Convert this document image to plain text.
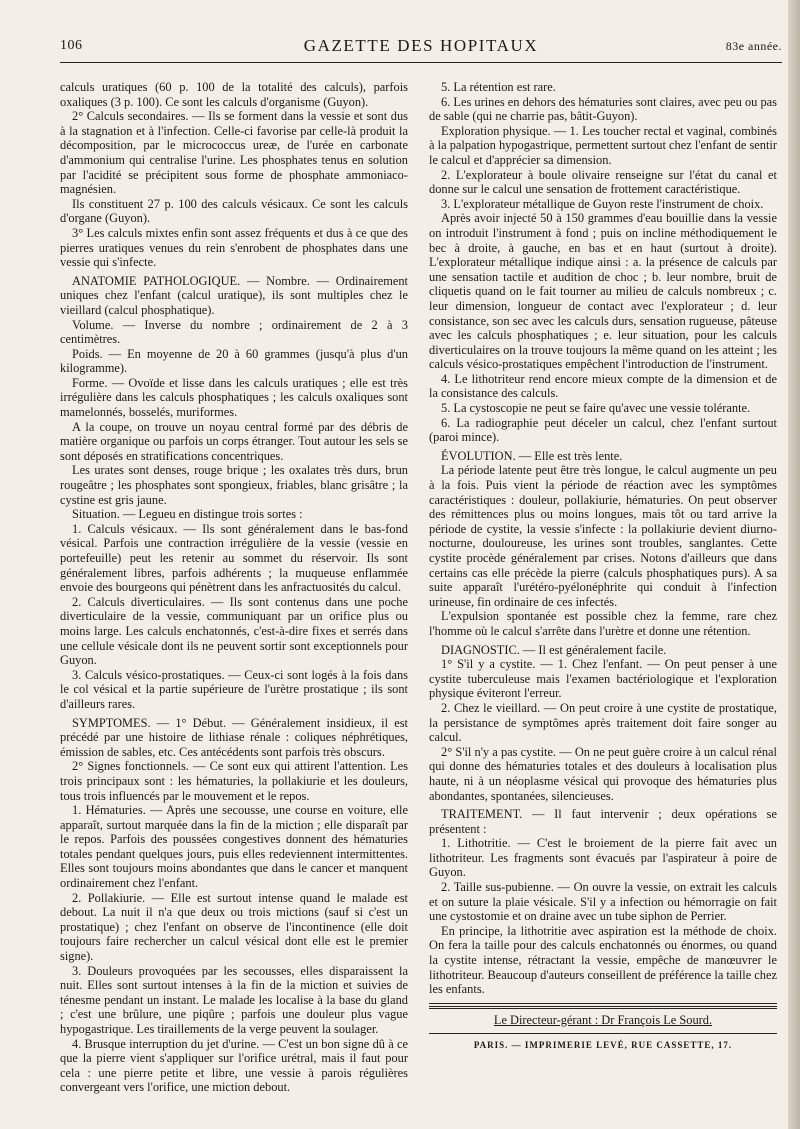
106	GAZETTE DES HOPITAUX	83e année.

calculs uratiques (60 p. 100 de la totalité des calculs), parfois oxaliques (3 p. 100). Ce sont les calculs d'organisme (Guyon).

2° Calculs secondaires. — Ils se forment dans la vessie et sont dus à la stagnation et à l'infection. Celle-ci favorise par celle-là produit la décomposition, par le micrococcus ureæ, de l'urée en carbonate d'ammonium qui centralise l'urine. Les phosphates tenus en solution par l'acidité se précipitent sous forme de phosphate ammoniaco-magnésien.

Ils constituent 27 p. 100 des calculs vésicaux. Ce sont les calculs d'organe (Guyon).

3° Les calculs mixtes enfin sont assez fréquents et dus à ce que des pierres uratiques venues du rein s'enrobent de phosphates dans une vessie qui s'infecte.

ANATOMIE PATHOLOGIQUE. — Nombre. — Ordinairement uniques chez l'enfant (calcul uratique), ils sont multiples chez le vieillard (calcul phosphatique).

Volume. — Inverse du nombre ; ordinairement de 2 à 3 centimètres.

Poids. — En moyenne de 20 à 60 grammes (jusqu'à plus d'un kilogramme).

Forme. — Ovoïde et lisse dans les calculs uratiques ; elle est très irrégulière dans les calculs phosphatiques ; les calculs oxaliques sont mamelonnés, bosselés, muriformes.

A la coupe, on trouve un noyau central formé par des débris de matière organique ou parfois un corps étranger. Tout autour les sels se sont déposés en stratifications concentriques.

Les urates sont denses, rouge brique ; les oxalates très durs, brun rougeâtre ; les phosphates sont spongieux, friables, blanc grisâtre ; la cystine est gris jaune.

Situation. — Legueu en distingue trois sortes :

1. Calculs vésicaux. — Ils sont généralement dans le bas-fond vésical. Parfois une contraction irrégulière de la vessie (vessie en portefeuille) peut les retenir au sommet du réservoir. Ils sont généralement libres, parfois adhérents ; la muqueuse enflammée envoie des bourgeons qui pénètrent dans les anfractuosités du calcul.

2. Calculs diverticulaires. — Ils sont contenus dans une poche diverticulaire de la vessie, communiquant par un orifice plus ou moins large. Les calculs enchatonnés, c'est-à-dire fixes et serrés dans une cellule vésicale dont ils ne peuvent sortir sont exceptionnels pour Guyon.

3. Calculs vésico-prostatiques. — Ceux-ci sont logés à la fois dans le col vésical et la partie supérieure de l'urètre prostatique ; ils sont d'ailleurs rares.

SYMPTOMES. — 1° Début. — Généralement insidieux, il est précédé par une histoire de lithiase rénale : coliques néphrétiques, émission de sables, etc. Ces antécédents sont parfois très obscurs.

2° Signes fonctionnels. — Ce sont eux qui attirent l'attention. Les trois principaux sont : les hématuries, la pollakiurie et les douleurs, tous trois influencés par le mouvement et le repos.

1. Hématuries. — Après une secousse, une course en voiture, elle apparaît, surtout marquée dans la fin de la miction ; elle disparaît par le repos. Parfois des poussées congestives donnent des hématuries totales pendant quelques jours, puis elles redeviennent intermittentes. Elles sont toujours moins abondantes que dans le cancer et manquent ordinairement chez l'enfant.

2. Pollakiurie. — Elle est surtout intense quand le malade est debout. La nuit il n'a que deux ou trois mictions (sauf si c'est un prostatique) ; chez l'enfant on observe de l'incontinence (elle doit toujours faire rechercher un calcul vésical dont elle est le premier signe).

3. Douleurs provoquées par les secousses, elles disparaissent la nuit. Elles sont surtout intenses à la fin de la miction et suivies de ténesme pendant un instant. Le malade les localise à la base du gland ; c'est une brûlure, une piqûre ; parfois une douleur plus vague hypogastrique. Les tiraillements de la verge peuvent la soulager.

4. Brusque interruption du jet d'urine. — C'est un bon signe dû à ce que la pierre vient s'appliquer sur l'orifice urétral, mais il faut pour cela : une pierre petite et libre, une vessie à parois régulières convergeant vers l'orifice, une miction debout.

5. La rétention est rare.

6. Les urines en dehors des hématuries sont claires, avec peu ou pas de sable (qui ne charrie pas, bâtit-Guyon).

Exploration physique. — 1. Les toucher rectal et vaginal, combinés à la palpation hypogastrique, permettent surtout chez l'enfant de sentir le calcul et d'apprécier sa dimension.

2. L'explorateur à boule olivaire renseigne sur l'état du canal et donne sur le calcul une sensation de frottement caractéristique.

3. L'explorateur métallique de Guyon reste l'instrument de choix.

Après avoir injecté 50 à 150 grammes d'eau bouillie dans la vessie on introduit l'instrument à fond ; puis on incline méthodiquement le bec à droite, à gauche, en bas et en haut (surtout à droite). L'explorateur métallique indique ainsi : a. la présence de calculs par une sensation tactile et audition de choc ; b. leur nombre, bruit de cliquetis quand on le fait tourner au milieu de calculs nombreux ; c. leur dimension, longueur de contact avec l'explorateur ; d. leur consistance, son sec avec les calculs durs, sensation rugueuse, pâteuse avec les calculs phosphatiques ; e. leur situation, pour les calculs diverticulaires on la trouve toujours la même quand on les atteint ; les calculs vésico-prostatiques empêchent l'introduction de l'instrument.

4. Le lithotriteur rend encore mieux compte de la dimension et de la consistance des calculs.

5. La cystoscopie ne peut se faire qu'avec une vessie tolérante.

6. La radiographie peut déceler un calcul, chez l'enfant surtout (paroi mince).

ÉVOLUTION. — Elle est très lente.

La période latente peut être très longue, le calcul augmente un peu à la fois. Puis vient la période de réaction avec les symptômes caractéristiques : douleur, pollakiurie, hématuries. On peut observer des rémittences plus ou moins longues, mais tôt ou tard arrive la période de cystite, la vessie s'infecte : la pollakiurie devient diurno-nocturne, douloureuse, les urines sont troubles, sanglantes. Cette cystite procède généralement par crises. Notons d'ailleurs que dans certains cas elle précède la pierre (calculs phosphatiques purs). A sa suite apparaît l'urétéro-pyélonéphrite qui conduit à l'infection urineuse, fin ordinaire de ces infectés.

L'expulsion spontanée est possible chez la femme, rare chez l'homme où le calcul s'arrête dans l'urètre et donne une rétention.

DIAGNOSTIC. — Il est généralement facile.

1° S'il y a cystite. — 1. Chez l'enfant. — On peut penser à une cystite tuberculeuse mais l'examen bactériologique et l'exploration physique éviteront l'erreur.

2. Chez le vieillard. — On peut croire à une cystite de prostatique, la persistance de symptômes après traitement doit faire songer au calcul.

2° S'il n'y a pas cystite. — On ne peut guère croire à un calcul rénal qui donne des hématuries totales et des douleurs à localisation plus haute, ni à un néoplasme vésical qui provoque des hématuries plus abondantes, spontanées, silencieuses.

TRAITEMENT. — Il faut intervenir ; deux opérations se présentent :

1. Lithotritie. — C'est le broiement de la pierre fait avec un lithotriteur. Les fragments sont évacués par l'aspirateur à poire de Guyon.

2. Taille sus-pubienne. — On ouvre la vessie, on extrait les calculs et on suture la plaie vésicale. S'il y a infection ou hémorragie on fait une cystostomie et on draine avec un tube siphon de Perrier.

En principe, la lithotritie avec aspiration est la méthode de choix. On fera la taille pour des calculs enchatonnés ou énormes, ou quand la cystite intense, rétractant la vessie, empêche de manœuvrer le lithotriteur. Beaucoup d'auteurs conseillent de préférence la taille chez les enfants.

Le Directeur-gérant : Dr François Le Sourd.
PARIS. — IMPRIMERIE LEVÉ, RUE CASSETTE, 17.
